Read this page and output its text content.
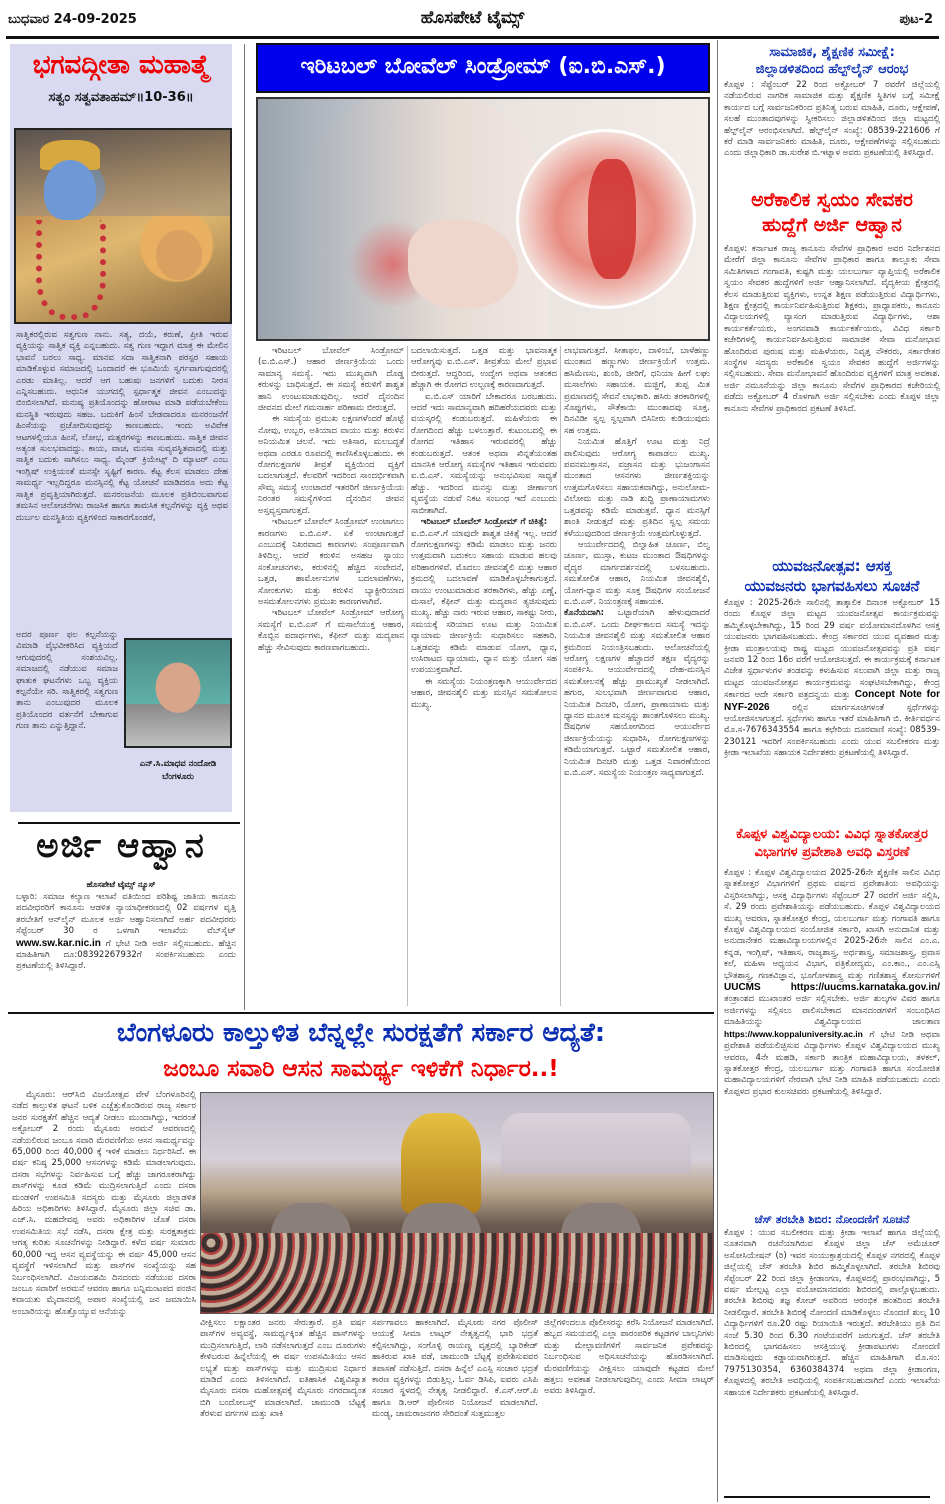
ಬುಧವಾರ 24-09-2025	ಹೊಸಪೇಟೆ ಟೈಮ್ಸ್	ಪುಟ-2
ಭಗವದ್ಗೀತಾ ಮಹಾತ್ಮೆ
ಸತ್ವಂ ಸತ್ವವತಾಹಮ್॥10-36॥
ಸಾತ್ವಿಕರಲ್ಲಿರುವ ಸತ್ವಗುಣ ನಾನು. ಸತ್ಯ, ದಯೆ, ಕರುಣೆ, ಪ್ರೀತಿ ಇರುವ ವ್ಯಕ್ತಿಯನ್ನು ಸಾತ್ವಿಕ ವ್ಯಕ್ತಿ ಎನ್ನಬಹುದು. ಸತ್ವ ಗುಣ ಇದ್ದಾಗ ಮಾತ್ರ ಈ ಮೇಲಿನ ಭಾವನೆ ಬರಲು ಸಾಧ್ಯ. ಮಾನವ ಸದಾ ಸಾತ್ವಿಕನಾಗಿ ಪರಸ್ಪರ ಸಹಾಯ ಮಾಡಿಕೊಳ್ಳುವ ಸಮಾಜದಲ್ಲಿ ಒಂದಾದರೆ ಈ ಭೂಮಿಯೆ ಸ್ವರ್ಗವಾಗುವುದರಲ್ಲಿ ಎರಡು ಮಾತಿಲ್ಲ. ಆದರೆ ಆಗ ಬಹುಷಃ ಜನಗಳಿಗೆ ಬದುಕು ನೀರಸ ಎನ್ನಿಸಬಹುದು. ಆಧುನಿಕ ಯುಗದಲ್ಲಿ ಸ್ಪರ್ಧಾತ್ಮಕ ಜೀವನ ಎಂಬುದನ್ನು ಬಿಂಬಿಸಲಾಗಿದೆ. ಮನುಷ್ಯ ಪ್ರತಿಯೊಂದನ್ನು ಹೋರಾಟ ಮಾಡಿ ಪಡೆಯಬೇಕೆಂಬ ಮನಸ್ಥಿತಿ ಇರುವುದು ಸಹಜ. ಬದುಕಿಗೆ ಹಿಂಸೆ ಬೇಡವಾದರೂ ಮನರಂಜನೆಗೆ ಹಿಂಸೆಯನ್ನು ಪ್ರಚೋದಿಸುವುದನ್ನು ಕಾಣಬಹುದು. ಇಂದು ಅವಿವೇಕ ಆಟಗಳಲ್ಲಿಯೂ ಹಿಂಸೆ, ಲೋಭ, ಮತ್ಸರಗಳನ್ನು ಕಾಣಬಹುದು. ಸಾತ್ವಿಕ ಜೀವನ ಅತ್ಯಂತ ಸುಲಭವಾದದ್ದು. ಕಾಯ, ವಾಚ, ಮನಸಾ ಸುವ್ಯವಸ್ಥಿತವಾದಲ್ಲಿ ಮತ್ತು ಸಾತ್ವಿಕ ಬದುಕು ಸಾಗಿಸಲು ಸಾಧ್ಯ. ಮೈಂಡ್ ಕ್ರಿಯೇಟ್ಸ್ ದಿ ಮ್ಯಾಟರ್ ಎಂಬ ಇಂಗ್ಲಿಷ್ ಉಕ್ತಿಯಂತೆ ಮನಸ್ಸೇ ಸೃಷ್ಟಿಗೆ ಕಾರಣ. ಕೆಟ್ಟ ಕೆಲಸ ಮಾಡಲು ದೇಹ ಸಾಮರ್ಥ್ಯ ಇಲ್ಲದಿದ್ದರೂ ಮನಸ್ಸಿನಲ್ಲಿ ಕೆಟ್ಟ ಯೋಚನೆ ಮಾಡಿದರೂ ಅದು ಕೆಟ್ಟ ಸಾತ್ವಿಕ ಪ್ರವೃತ್ತಿಯಾಗಿರುತ್ತದೆ. ಮನರಂಜನೆಯ ಮೂಲಕ ಪ್ರತಿಬಿಂಬವಾಗುವ ತಮಸಿನ ಆಲೋಚನೆಗಳು ರಾಜಸಿಕ ಹಾಗೂ ತಾಮಸಿಕ ಕಲ್ಪನೆಗಳನ್ನು ವ್ಯಕ್ತಿ ಅಥವ ದುರ್ಬಲ ಮನಸ್ಥಿತಿಯ ವ್ಯಕ್ತಿಗಳಿಂದ ಸಾಕಾರಗೊಂಡರೆ,
ಅದರ ಪೂರ್ಣ ಫಲ ಕಲ್ಪನೆಯನ್ನು ವಿಮಾಡಿ ವೈಭವೀಕರಿಸಿದ ವ್ಯಕ್ತಿಯದೆ ಆಗುವುದರಲ್ಲಿ ಸಂಶಯವಿಲ್ಲ. ಸಮಾಜದಲ್ಲಿ ನಡೆಯುವ ಸಮಾಜ ಘಾತುಕ ಘಟನೆಗಳು ಒಬ್ಬ ವ್ಯಕ್ತಿಯ ಕಲ್ಪನೆಯೇ ಸರಿ. ಸಾತ್ವಿಕರಲ್ಲಿ ಸತ್ವಗುಣ ತಾನು ಎಂಬುವುದರ ಮೂಲಕ ಪ್ರತಿಯೊಂದರ ವರ್ತನೆಗೆ ಬೇಕಾಗುವ ಗುಣ ತಾನು ಎನ್ನುತ್ತಿದ್ದಾನೆ.
ಎನ್.ಸಿ.ಮಾಧವ ನಂದೋಡಿ
ಬೆಂಗಳೂರು
ಅರ್ಜಿ ಆಹ್ವಾನ
ಹೊಸಪೇಟೆ ಟೈಮ್ಸ್ ನ್ಯೂಸ್
ಬಳ್ಳಾರಿ: ಸಮಾಜ ಕಲ್ಯಾಣ ಇಲಾಖೆ ವತಿಯಿಂದ ಪರಿಶಿಷ್ಟ ಜಾತಿಯ ಕಾನೂನು ಪದವೀಧರರಿಗೆ ಕಾನೂನು ಆಡಳಿತ ನ್ಯಾಯಾಧೀಕರಣದಲ್ಲಿ 02 ವರ್ಷಗಳ ವೃತ್ತಿ ತರಬೇತಿಗೆ ಆನ್‌ಲೈನ್ ಮೂಲಕ ಅರ್ಜಿ ಆಹ್ವಾನಿಸಲಾಗಿದೆ ಅರ್ಹ ಪದವೀಧರರು ಸೆಪ್ಟೆಂಬರ್ 30 ರ ಒಳಗಾಗಿ ಇಲಾಖೆಯ ವೆಬ್‌ಸೈಟ್ www.sw.kar.nic.in ಗೆ ಭೇಟಿ ನೀಡಿ ಅರ್ಜಿ ಸಲ್ಲಿಸಬಹುದು. ಹೆಚ್ಚಿನ ಮಾಹಿತಿಗಾಗಿ ದೂ:08392267932ಗೆ ಸಂಪರ್ಕಿಸಬಹುದು ಎಂದು ಪ್ರಕಟಣೆಯಲ್ಲಿ ತಿಳಿಸಿದ್ದಾರೆ.
ಇರಿಟಬಲ್ ಬೋವೆಲ್ ಸಿಂಡ್ರೋಮ್ (ಐ.ಬಿ.ಎಸ್.)

ಇರಿಟಬಲ್ ಬೋವೆಲ್ ಸಿಂಡ್ರೋಮ್ (ಐ.ಬಿ.ಎಸ್.) ಆಹಾರ ಜೀರ್ಣಕ್ರಿಯೆಯ ಒಂದು ಸಾಮಾನ್ಯ ಸಮಸ್ಯೆ. ಇದು ಮುಖ್ಯವಾಗಿ ದೊಡ್ಡ ಕರುಳನ್ನು ಬಾಧಿಸುತ್ತದೆ. ಈ ಸಮಸ್ಯೆ ಕರುಳಿಗೆ ಶಾಶ್ವತ ಹಾನಿ ಉಂಟುಮಾಡುವುದಿಲ್ಲ. ಆದರೆ ದೈನಂದಿನ ಜೀವನದ ಮೇಲೆ ಗಮನಾರ್ಹ ಪರಿಣಾಮ ಬೀರುತ್ತದೆ.

ಈ ಸಮಸ್ಯೆಯ ಪ್ರಮುಖ ಲಕ್ಷಣಗಳೆಂದರೆ ಹೊಟ್ಟೆ ನೋವು, ಉಬ್ಬರ, ಅತಿಯಾದ ವಾಯು ಮತ್ತು ಕರುಳಿನ ಅನಿಯಮಿತ ಚಲನೆ. ಇದು ಅತಿಸಾರ, ಮಲಬದ್ಧತೆ ಅಥವಾ ಎರಡೂ ರೂಪದಲ್ಲಿ ಕಾಣಿಸಿಕೊಳ್ಳಬಹುದು. ಈ ರೋಗಲಕ್ಷಣಗಳ ತೀವ್ರತೆ ವ್ಯಕ್ತಿಯಿಂದ ವ್ಯಕ್ತಿಗೆ ಬದಲಾಗುತ್ತದೆ. ಕೆಲವರಿಗೆ ಇದರಿಂದ ಸಾಂದರ್ಭಿಕವಾಗಿ ಸೌಮ್ಯ ಸಮಸ್ಯೆ ಉಂಟಾದರೆ ಇತರರಿಗೆ ಜೀರ್ಣಕ್ರಿಯೆಯ ನಿರಂತರ ಸಮಸ್ಯೆಗಳಿಂದ ದೈನಂದಿನ ಜೀವನ ಅಸ್ತವ್ಯಸ್ತವಾಗುತ್ತದೆ.

ಇರಿಟಬಲ್ ಬೋವೆಲ್ ಸಿಂಡ್ರೋಮ್ ಉಂಟಾಗಲು ಕಾರಣಗಳು ಐ.ಬಿ.ಎಸ್. ಏಕೆ ಉಂಟಾಗುತ್ತದೆ ಎಂಬುದಕ್ಕೆ ನಿಖರವಾದ ಕಾರಣಗಳು ಸಂಪೂರ್ಣವಾಗಿ ತಿಳಿದಿಲ್ಲ. ಆದರೆ ಕರುಳಿನ ಅಸಹಜ ಸ್ನಾಯು ಸಂಕೋಚನಗಳು, ಕರುಳಿನಲ್ಲಿ ಹೆಚ್ಚಿದ ಸಂವೇದನೆ, ಒತ್ತಡ, ಹಾರ್ಮೋನುಗಳ ಬದಲಾವಣೆಗಳು, ಸೋಂಕುಗಳು ಮತ್ತು ಕರುಳಿನ ಬ್ಯಾಕ್ಟೀರಿಯಾದ ಅಸಮತೋಲನಗಳು ಪ್ರಮುಖ ಕಾರಣಗಳಾಗಿವೆ.

ಇರಿಟಬಲ್ ಬೋವೆಲ್ ಸಿಂಡ್ರೋಮ್ ಆರೋಗ್ಯ ಸಮಸ್ಯೆಗೆ ಐ.ಬಿ.ಎಸ್ ಗೆ ಮಸಾಲೆಯುಕ್ತ ಆಹಾರ, ಕೊಬ್ಬಿನ ಪದಾರ್ಥಗಳು, ಕೆಫೀನ್ ಮತ್ತು ಮದ್ಯಪಾನ ಹೆಚ್ಚು ಸೇವಿಸುವುದು ಕಾರಣವಾಗಬಹುದು.

ಬದಲಾಯಿಸುತ್ತದೆ. ಒತ್ತಡ ಮತ್ತು ಭಾವನಾತ್ಮಕ ಆರೋಗ್ಯವು ಐ.ಬಿ.ಎಸ್. ತೀವ್ರತೆಯ ಮೇಲೆ ಪ್ರಭಾವ ಬೀರುತ್ತದೆ. ಆದ್ದರಿಂದ, ಉದ್ವೇಗ ಅಥವಾ ಆತಂಕದ ಹೆಚ್ಚಾಗಿ ಈ ರೋಗದ ಉಲ್ಬಣಕ್ಕೆ ಕಾರಣವಾಗುತ್ತದೆ.

ಐ.ಬಿ.ಎಸ್ ಯಾರಿಗೆ ಬೇಕಾದರೂ ಬರಬಹುದು. ಆದರೆ ಇದು ಸಾಮಾನ್ಯವಾಗಿ ಹದಿಹರೆಯದವರು ಮತ್ತು ವಯಸ್ಕರಲ್ಲಿ ಕಂಡುಬರುತ್ತದೆ. ಮಹಿಳೆಯರು ಈ ರೋಗದಿಂದ ಹೆಚ್ಚು ಬಳಲುತ್ತಾರೆ. ಕುಟುಂಬದಲ್ಲಿ ಈ ರೋಗದ ಇತಿಹಾಸ ಇರುವವರಲ್ಲಿ ಹೆಚ್ಚು ಕಂಡುಬರುತ್ತದೆ. ಆತಂಕ ಅಥವಾ ಖಿನ್ನತೆಯಂತಹ ಮಾನಸಿಕ ಆರೋಗ್ಯ ಸಮಸ್ಯೆಗಳ ಇತಿಹಾಸ ಇರುವವರು ಐ.ಬಿ.ಎಸ್. ಸಮಸ್ಯೆಯನ್ನು ಅನುಭವಿಸುವ ಸಾಧ್ಯತೆ ಹೆಚ್ಚು. ಇದರಿಂದ ಮನಸ್ಸು ಮತ್ತು ಜೀರ್ಣಾಂಗ ವ್ಯವಸ್ಥೆಯ ನಡುವೆ ನಿಕಟ ಸಂಬಂಧ ಇದೆ ಎಂಬುದು ಸಾಬೀತಾಗಿದೆ.

ಇರಿಟಬಲ್ ಬೋವೆಲ್ ಸಿಂಡ್ರೋಮ್ ಗೆ ಚಿಕಿತ್ಸೆ:

ಐ.ಬಿ.ಎಸ್.ಗೆ ಯಾವುದೇ ಶಾಶ್ವತ ಚಿಕಿತ್ಸೆ ಇಲ್ಲ. ಆದರೆ ರೋಗಲಕ್ಷಣಗಳನ್ನು ಕಡಿಮೆ ಮಾಡಲು ಮತ್ತು ಜನರು ಉತ್ತಮವಾಗಿ ಬದುಕಲು ಸಹಾಯ ಮಾಡುವ ಹಲವು ಪರಿಹಾರಗಳಿವೆ. ಮೊದಲು ಜೀವನಶೈಲಿ ಮತ್ತು ಆಹಾರ ಕ್ರಮದಲ್ಲಿ ಬದಲಾವಣೆ ಮಾಡಿಕೊಳ್ಳಬೇಕಾಗುತ್ತದೆ. ವಾಯು ಉಂಟುಮಾಡುವ ತರಕಾರಿಗಳು, ಹೆಚ್ಚು ಎಣ್ಣೆ, ಮಸಾಲೆ, ಕೆಫೀನ್ ಮತ್ತು ಮದ್ಯಪಾನ ತ್ಯಜಿಸುವುದು ಮುಖ್ಯ. ಹೆಚ್ಚು ನಾರು ಇರುವ ಆಹಾರ, ಸಾಕಷ್ಟು ನೀರು, ಸಮಯಕ್ಕೆ ಸರಿಯಾದ ಊಟ ಮತ್ತು ನಿಯಮಿತ ವ್ಯಾಯಾಮ ಜೀರ್ಣಕ್ರಿಯೆ ಸುಧಾರಿಸಲು ಸಹಕಾರಿ. ಒತ್ತಡವನ್ನು ಕಡಿಮೆ ಮಾಡುವ ಯೋಗ, ಧ್ಯಾನ, ಉಸಿರಾಟದ ವ್ಯಾಯಾಮ, ಧ್ಯಾನ ಮತ್ತು ಯೋಗ ಸಹ ಉಪಯುಕ್ತವಾಗಿದೆ.

ಈ ಸಮಸ್ಯೆಯ ನಿಯಂತ್ರಣಕ್ಕಾಗಿ ಆಯುರ್ವೇದದ ಆಹಾರ, ಜೀವನಶೈಲಿ ಮತ್ತು ಮನಸ್ಸಿನ ಸಮತೋಲನ ಮುಖ್ಯ.

ಲಾಭವಾಗುತ್ತದೆ. ಸೀತಾಫಲ, ದಾಳಿಂಬೆ, ಬಾಳೆಹಣ್ಣು ಮುಂತಾದ ಹಣ್ಣುಗಳು ಜೀರ್ಣಕ್ರಿಯೆಗೆ ಉತ್ತಮ. ಹಸಿಮೆಣಸು, ಶುಂಠಿ, ಜೀರಿಗೆ, ಧನಿಯಾ ಹೀಗೆ ಲಘು ಮಸಾಲೆಗಳು ಸಹಾಯಕ. ಮಜ್ಜಿಗೆ, ತುಪ್ಪ ಮಿತ ಪ್ರಮಾಣದಲ್ಲಿ ಸೇವನೆ ಲಾಭಕಾರಿ. ಹಸಿರು ತರಕಾರಿಗಳಲ್ಲಿ ಸೊಪ್ಪುಗಳು, ಸೌತೆಕಾಯಿ ಮುಂತಾದವು ಸೂಕ್ತ. ದಿನವಿಡೀ ಸ್ವಲ್ಪ ಸ್ವಲ್ಪವಾಗಿ ಬಿಸಿನೀರು ಕುಡಿಯುವುದು ಸಹ ಉತ್ತಮ.

ನಿಯಮಿತ ಹೊತ್ತಿಗೆ ಊಟ ಮತ್ತು ನಿದ್ರೆ ಪಾಲಿಸುವುದು ಆರೋಗ್ಯ ಕಾಪಾಡಲು ಮುಖ್ಯ. ಪವನಮುಕ್ತಾಸನ, ವಜ್ರಾಸನ ಮತ್ತು ಭುಜಂಗಾಸನ ಮುಂತಾದ ಆಸನಗಳು ಜೀರ್ಣಶಕ್ತಿಯನ್ನು ಉತ್ತಮಗೊಳಿಸಲು ಸಹಾಯಕವಾಗಿದ್ದು, ಅನುಲೋಮ-ವಿಲೋಮ ಮತ್ತು ನಾಡಿ ಶುದ್ಧಿ ಪ್ರಾಣಾಯಾಮಗಳು ಒತ್ತಡವನ್ನು ಕಡಿಮೆ ಮಾಡುತ್ತವೆ. ಧ್ಯಾನ ಮನಸ್ಸಿಗೆ ಶಾಂತಿ ನೀಡುತ್ತದೆ ಮತ್ತು ಪ್ರತಿದಿನ ಸ್ವಲ್ಪ ಸಮಯ ಕಳೆಯುವುದರಿಂದ ಜೀರ್ಣಕ್ರಿಯೆ ಉತ್ತಮಗೊಳ್ಳುತ್ತದೆ.

ಆಯುರ್ವೇದದಲ್ಲಿ ಬಿಲ್ವಾಹಿತ ಚೂರ್ಣ, ಬಿಲ್ವ ಚೂರ್ಣ, ಮುಸ್ತಾ, ಕುಟಜ ಮುಂತಾದ ಔಷಧಿಗಳನ್ನು ವೈದ್ಯರ ಮಾರ್ಗದರ್ಶನದಲ್ಲಿ ಬಳಸಬಹುದು. ಸಮತೋಲಿತ ಆಹಾರ, ನಿಯಮಿತ ಜೀವನಶೈಲಿ, ಯೋಗ-ಧ್ಯಾನ ಮತ್ತು ಸೂಕ್ತ ಔಷಧಿಗಳ ಸಂಯೋಜನೆ ಐ.ಬಿ.ಎಸ್. ನಿಯಂತ್ರಣಕ್ಕೆ ಸಹಾಯಕ.

ಕೊನೆಯದಾಗಿ: ಒಟ್ಟಾರೆಯಾಗಿ ಹೇಳುವುದಾದರೆ ಐ.ಬಿ.ಎಸ್. ಒಂದು ದೀರ್ಘಕಾಲದ ಸಮಸ್ಯೆ ಇದನ್ನು ನಿಯಮಿತ ಜೀವನಶೈಲಿ ಮತ್ತು ಸಮತೋಲಿತ ಆಹಾರ ಕ್ರಮದಿಂದ ನಿಯಂತ್ರಿಸಬಹುದು. ಆಲೋಚನೆಯಲ್ಲಿ ಆರೋಗ್ಯ ಲಕ್ಷಣಗಳ ಹೆಚ್ಚಾದರೆ ತಕ್ಷಣ ವೈದ್ಯರನ್ನು ಸಂಪರ್ಕಿಸಿ. ಆಯುರ್ವೇದದಲ್ಲಿ ದೇಹ-ಮನಸ್ಸಿನ ಸಮತೋಲನಕ್ಕೆ ಹೆಚ್ಚು ಪ್ರಾಮುಖ್ಯತೆ ನೀಡಲಾಗಿದೆ. ಹಗುರ, ಸುಲಭವಾಗಿ ಜೀರ್ಣವಾಗುವ ಆಹಾರ, ನಿಯಮಿತ ದಿನಚರಿ, ಯೋಗ, ಪ್ರಾಣಾಯಾಮ ಮತ್ತು ಧ್ಯಾನದ ಮೂಲಕ ಮನಸ್ಸನ್ನು ಶಾಂತಗೊಳಿಸಲು ಮುಖ್ಯ. ಔಷಧಿಗಳ ಸಹಯೋಗದಿಂದ ಆಯುರ್ವೇದ ಜೀರ್ಣಕ್ರಿಯೆಯನ್ನು ಸುಧಾರಿಸಿ, ರೋಗಲಕ್ಷಣಗಳನ್ನು ಕಡಿಮೆಯಾಗುತ್ತವೆ. ಒಟ್ಟಾರೆ ಸಮತೋಲಿತ ಆಹಾರ, ನಿಯಮಿತ ದಿನಚರಿ ಮತ್ತು ಒತ್ತಡ ನಿವಾರಣೆಯಿಂದ ಐ.ಬಿ.ಎಸ್. ಸಮಸ್ಯೆಯ ನಿಯಂತ್ರಣ ಸಾಧ್ಯವಾಗುತ್ತದೆ.

ಸಾಮಾಜಿಕ, ಶೈಕ್ಷಣಿಕ ಸಮೀಕ್ಷೆ:
ಜಿಲ್ಲಾಡಳಿತದಿಂದ ಹೆಲ್ಪ್‌ಲೈನ್ ಆರಂಭ
ಕೊಪ್ಪಳ : ಸೆಪ್ಟೆಂಬರ್ 22 ರಿಂದ ಅಕ್ಟೋಬರ್ 7 ರವರೆಗೆ ಜಿಲ್ಲೆಯಲ್ಲಿ ನಡೆಯಲಿರುವ ನಾಗರಿಕ ಸಾಮಾಜಿಕ ಮತ್ತು ಶೈಕ್ಷಣಿಕ ಸ್ಥಿತಿಗಳ ಬಗ್ಗೆ ಸಮೀಕ್ಷೆ ಕಾರ್ಯದ ಬಗ್ಗೆ ಸಾರ್ವಜನಿಕರಿಂದ ಪ್ರತಿನಿತ್ಯ ಬರುವ ಮಾಹಿತಿ, ದೂರು, ಆಕ್ಷೇಪಣೆ, ಸಲಹೆ ಮುಂತಾದವುಗಳನ್ನು ಸ್ವೀಕರಿಸಲು ಜಿಲ್ಲಾಡಳಿತದಿಂದ ಜಿಲ್ಲಾ ಮಟ್ಟದಲ್ಲಿ ಹೆಲ್ಪ್‌ಲೈನ್ ಆರಂಭಿಸಲಾಗಿದೆ. ಹೆಲ್ಪ್‌ಲೈನ್ ಸಂಖ್ಯೆ: 08539-221606 ಗೆ ಕರೆ ಮಾಡಿ ಸಾರ್ವಜನಿಕರು ಮಾಹಿತಿ, ದೂರು, ಆಕ್ಷೇಪಣೆಗಳನ್ನು ಸಲ್ಲಿಸಬಹುದು ಎಂದು ಜಿಲ್ಲಾಧಿಕಾರಿ ಡಾ.ಸುರೇಶ ಬಿ.ಇಟ್ನಾಳ ಅವರು ಪ್ರಕಟಣೆಯಲ್ಲಿ ತಿಳಿಸಿದ್ದಾರೆ.
ಅರೆಕಾಲಿಕ ಸ್ವಯಂ ಸೇವಕರ
ಹುದ್ದೆಗೆ ಅರ್ಜಿ ಆಹ್ವಾನ
ಕೊಪ್ಪಳ: ಕರ್ನಾಟಕ ರಾಜ್ಯ ಕಾನೂನು ಸೇವೆಗಳ ಪ್ರಾಧಿಕಾರ ಅವರ ನಿರ್ದೇಶನದ ಮೇರೆಗೆ ಜಿಲ್ಲಾ ಕಾನೂನು ಸೇವೆಗಳ ಪ್ರಾಧಿಕಾರ ಹಾಗೂ ತಾಲ್ಲೂಕು ಸೇವಾ ಸಮಿತಿಗಳಾದ ಗಂಗಾವತಿ, ಕುಷ್ಟಗಿ ಮತ್ತು ಯಲಬುರ್ಗಾ ವ್ಯಾಪ್ತಿಯಲ್ಲಿ ಅರೆಕಾಲಿಕ ಸ್ವಯಂ ಸೇವಕರ ಹುದ್ದೆಗಳಿಗೆ ಅರ್ಜಿ ಆಹ್ವಾನಿಸಲಾಗಿದೆ. ವೈದ್ಯಕೀಯ ಕ್ಷೇತ್ರದಲ್ಲಿ ಕೆಲಸ ಮಾಡುತ್ತಿರುವ ವ್ಯಕ್ತಿಗಳು, ಉನ್ನತ ಶಿಕ್ಷಣ ಪಡೆಯುತ್ತಿರುವ ವಿದ್ಯಾರ್ಥಿಗಳು, ಶಿಕ್ಷಣ ಕ್ಷೇತ್ರದಲ್ಲಿ ಕಾರ್ಯನಿರ್ವಹಿಸುತ್ತಿರುವ ಶಿಕ್ಷಕರು, ಪ್ರಾಧ್ಯಾಪಕರು, ಕಾನೂನು ವಿದ್ಯಾಲಯಗಳಲ್ಲಿ ವ್ಯಾಸಂಗ ಮಾಡುತ್ತಿರುವ ವಿದ್ಯಾರ್ಥಿಗಳು, ಆಶಾ ಕಾರ್ಯಕರ್ತೆಯರು, ಅಂಗನವಾಡಿ ಕಾರ್ಯಕರ್ತೆಯರು, ವಿವಿಧ ಸರ್ಕಾರಿ ಕಚೇರಿಗಳಲ್ಲಿ ಕಾರ್ಯನಿರ್ವಹಿಸುತ್ತಿರುವ ಸಾಮಾಜಿಕ ಸೇವಾ ಮನೋಭಾವ ಹೊಂದಿರುವ ಪುರುಷ ಮತ್ತು ಮಹಿಳೆಯರು, ನಿವೃತ್ತ ನೌಕರರು, ಸರ್ಕಾರೇತರ ಸಂಸ್ಥೆಗಳ ಸದಸ್ಯರು ಅರೆಕಾಲಿಕ ಸ್ವಯಂ ಸೇವಕರ ಹುದ್ದೆಗೆ ಅರ್ಜಿಗಳನ್ನು ಸಲ್ಲಿಸಬಹುದು. ಸೇವಾ ಮನೋಭಾವನೆ ಹೊಂದಿರುವ ವ್ಯಕ್ತಿಗಳಿಗೆ ಮಾತ್ರ ಅವಕಾಶ. ಅರ್ಜಿ ನಮೂನೆಯನ್ನು ಜಿಲ್ಲಾ ಕಾನೂನು ಸೇವೆಗಳ ಪ್ರಾಧಿಕಾರದ ಕಚೇರಿಯಲ್ಲಿ ಪಡೆದು ಅಕ್ಟೋಬರ್ 4 ರೊಳಗಾಗಿ ಅರ್ಜಿ ಸಲ್ಲಿಸಬೇಕು ಎಂದು ಕೊಪ್ಪಳ ಜಿಲ್ಲಾ ಕಾನೂನು ಸೇವೆಗಳ ಪ್ರಾಧಿಕಾರದ ಪ್ರಕಟಣೆ ತಿಳಿಸಿದೆ.
ಯುವಜನೋತ್ಸವ: ಆಸಕ್ತ
ಯುವಜನರು ಭಾಗವಹಿಸಲು ಸೂಚನೆ
ಕೊಪ್ಪಳ : 2025-26ನೇ ಸಾಲಿನಲ್ಲಿ ತಾತ್ಕಾಲಿಕ ದಿನಾಂಕ ಅಕ್ಟೋಬರ್ 15 ರಂದು ಕೊಪ್ಪಳ ಜಿಲ್ಲಾ ಮಟ್ಟದ ಯುವಜನೋತ್ಸವ ಕಾರ್ಯಕ್ರಮವನ್ನು ಹಮ್ಮಿಕೊಳ್ಳಬೇಕಾಗಿದ್ದು, 15 ರಿಂದ 29 ವರ್ಷ ವಯೋಮಾನದೊಳಗಿನ ಆಸಕ್ತ ಯುವಜನರು ಭಾಗವಹಿಸಬಹುದು. ಕೇಂದ್ರ ಸರ್ಕಾರದ ಯುವ ವ್ಯವಹಾರ ಮತ್ತು ಕ್ರೀಡಾ ಮಂತ್ರಾಲಯವು ರಾಷ್ಟ್ರ ಮಟ್ಟದ ಯುವಜನೋತ್ಸವವನ್ನು ಪ್ರತಿ ವರ್ಷ ಜನವರಿ 12 ರಿಂದ 16ರ ವರೆಗೆ ಆಯೋಜಿಸುತ್ತದೆ. ಈ ಕಾರ್ಯಕ್ರಮಕ್ಕೆ ಕರ್ನಾಟಕ ವಿಜೇತ ಸ್ಪರ್ಧಾಳುಗಳ ತಂಡವನ್ನು ಕಳುಹಿಸುವ ಸಲುವಾಗಿ ಜಿಲ್ಲಾ ಮತ್ತು ರಾಜ್ಯ ಮಟ್ಟದ ಯುವಜನೋತ್ಸವ ಕಾರ್ಯಕ್ರಮವನ್ನು ಸಂಘಟಿಸಬೇಕಾಗಿದ್ದು, ಕೇಂದ್ರ ಸರ್ಕಾರದ ಆದೇ ಸರ್ಕಾರಿ ಪತ್ರದನ್ವಯ ಮತ್ತು Concept Note for NYF-2026	ರಲ್ಲಿನ ಮಾರ್ಗಸೂಚಿಗಳಂತೆ ಸ್ಪರ್ಧೆಗಳನ್ನು ಆಯೋಜಿಸಲಾಗುತ್ತದೆ. ಸ್ಪರ್ಧೆಗಳು ಹಾಗೂ ಇತರೆ ಮಾಹಿತಿಗಾಗಿ ಬಿ. ಕೀರ್ತಿವರ್ಧನ ಮೊ.ಸ-7676343554 ಹಾಗೂ ಕಛೇರಿಯ ದೂರವಾಣಿ ಸಂಖ್ಯೆ: 08539-230121 ಇವರಿಗೆ ಸಂಪರ್ಕಿಸಬಹುದು ಎಂದು ಯುವ ಸಬಲೀಕರಣ ಮತ್ತು ಕ್ರೀಡಾ ಇಲಾಖೆಯ ಸಹಾಯಕ ನಿರ್ದೇಶಕರು ಪ್ರಕಟಣೆಯಲ್ಲಿ ತಿಳಿಸಿದ್ದಾರೆ.
ಕೊಪ್ಪಳ ವಿಶ್ವವಿದ್ಯಾಲಯ: ವಿವಿಧ ಸ್ನಾತಕೋತ್ತರ
ವಿಭಾಗಗಳ ಪ್ರವೇಶಾತಿ ಅವಧಿ ವಿಸ್ತರಣೆ
ಕೊಪ್ಪಳ : ಕೊಪ್ಪಳ ವಿಶ್ವವಿದ್ಯಾಲಯದ 2025-26ನೇ ಶೈಕ್ಷಣಿಕ ಸಾಲಿನ ವಿವಿಧ ಸ್ನಾತಕೋತ್ತರ ವಿಭಾಗಗಳಿಗೆ ಪ್ರಥಮ ವರ್ಷದ ಪ್ರವೇಶಾತಿಯ ಅವಧಿಯನ್ನು ವಿಸ್ತರಿಸಲಾಗಿದ್ದು, ಆಸಕ್ತ ವಿದ್ಯಾರ್ಥಿಗಳು ಸೆಪ್ಟೆಂಬರ್ 27 ರವರೆಗೆ ಅರ್ಜಿ ಸಲ್ಲಿಸಿ, ಸೆ. 29 ರಂದು ಪ್ರವೇಶಾತಿಯನ್ನು ಪಡೆಯಬಹುದು. ಕೊಪ್ಪಳ ವಿಶ್ವವಿದ್ಯಾಲಯದ ಮುಖ್ಯ ಆವರಣ, ಸ್ನಾತಕೋತ್ತರ ಕೇಂದ್ರ, ಯಲಬುರ್ಗಾ ಮತ್ತು ಗಂಗಾವತಿ ಹಾಗೂ ಕೊಪ್ಪಳ ವಿಶ್ವವಿದ್ಯಾಲಯದ ಸಂಯೋಜಿತ ಸರ್ಕಾರಿ, ಖಾಸಗಿ ಅನುದಾನಿತ ಮತ್ತು ಅನುದಾನೇತರ ಮಹಾವಿದ್ಯಾಲಯಗಳಲ್ಲಿನ 2025-26ನೇ ಸಾಲಿನ ಎಂ.ಎ. ಕನ್ನಡ, ಇಂಗ್ಲಿಷ್, ಇತಿಹಾಸ, ರಾಜ್ಯಶಾಸ್ತ್ರ, ಅರ್ಥಶಾಸ್ತ್ರ, ಸಮಾಜಶಾಸ್ತ್ರ, ಪ್ರವಾಸ ಕಲೆ, ಮಹಿಳಾ ಅಧ್ಯಯನ ವಿಭಾಗ, ಪತ್ರಿಕೋದ್ಯಮ, ಎಂ.ಕಾಂ., ಎಂ.ಎಸ್ಸಿ ಭೌತಶಾಸ್ತ್ರ, ಗಣಕವಿಜ್ಞಾನ, ಭೂಗೋಳಶಾಸ್ತ್ರ ಮತ್ತು ಗಣಿತಶಾಸ್ತ್ರ ಕೋರ್ಸುಗಳಿಗೆ UUCMS https://uucms.karnataka.gov.in/ ತಂತ್ರಾಂಶದ ಮುಖಾಂತರ ಅರ್ಜಿ ಸಲ್ಲಿಸಬೇಕು. ಅರ್ಜಿ ಶುಲ್ಕಗಳ ವಿವರ ಹಾಗೂ ಅರ್ಜಿಗಳನ್ನು ಸಲ್ಲಿಸಲು ಪಾಲಿಸಬೇಕಾದ ಮಾನದಂಡಗಳಿಗೆ ಸಂಬಂಧಿಸಿದ ಮಾಹಿತಿಯನ್ನು ವಿಶ್ವವಿದ್ಯಾಲಯದ ಜಾಲತಾಣ https://www.koppaluniversity.ac.in ಗೆ ಭೇಟಿ ನೀಡಿ ಅಥವಾ ಪ್ರವೇಶಾತಿ ಪಡೆಯಲಿಚ್ಛಿಸುವ ವಿದ್ಯಾರ್ಥಿಗಳು ಕೊಪ್ಪಳ ವಿಶ್ವವಿದ್ಯಾಲಯದ ಮುಖ್ಯ ಆವರಣ, 4ನೇ ಮಹಡಿ, ಸರ್ಕಾರಿ ತಾಂತ್ರಿಕ ಮಹಾವಿದ್ಯಾಲಯ, ತಳಕಲ್, ಸ್ನಾತಕೋತ್ತರ ಕೇಂದ್ರ, ಯಲಬುರ್ಗಾ ಮತ್ತು ಗಂಗಾವತಿ ಹಾಗೂ ಸಂಯೋಜಿತ ಮಹಾವಿದ್ಯಾಲಯಗಳಿಗೆ ನೇರವಾಗಿ ಭೇಟಿ ನೀಡಿ ಮಾಹಿತಿ ಪಡೆಯಬಹುದು ಎಂದು ಕೊಪ್ಪಳದ ಪ್ರಭಾರ ಕುಲಸಚಿವರು ಪ್ರಕಟಣೆಯಲ್ಲಿ ತಿಳಿಸಿದ್ದಾರೆ.
ಚೆಸ್ ತರಬೇತಿ ಶಿಬಿರ: ನೋಂದಣಿಗೆ ಸೂಚನೆ
ಕೊಪ್ಪಳ : ಯುವ ಸಬಲೀಕರಣ ಮತ್ತು ಕ್ರೀಡಾ ಇಲಾಖೆ ಹಾಗೂ ಜಿಲ್ಲೆಯಲ್ಲಿ ನೂತನವಾಗಿ ರಚನೆಯಾಗಿರುವ ಕೊಪ್ಪಳ ಜಿಲ್ಲಾ ಚೆಸ್ ಅಮೆಚೂರ್ ಅಸೋಸಿಯೇಷನ್ (ರಿ) ಇವರ ಸಂಯುಕ್ತಾಶ್ರಯದಲ್ಲಿ ಕೊಪ್ಪಳ ನಗರದಲ್ಲಿ ಕೊಪ್ಪಳ ಜಿಲ್ಲೆಯಲ್ಲಿ ಚೆಸ್ ತರಬೇತಿ ಶಿಬಿರ ಹಮ್ಮಿಕೊಳ್ಳಲಾಗಿದೆ. ತರಬೇತಿ ಶಿಬಿರವು ಸೆಪ್ಟೆಂಬರ್ 22 ರಿಂದ ಜಿಲ್ಲಾ ಕ್ರೀಡಾಂಗಣ, ಕೊಪ್ಪಳದಲ್ಲಿ ಪ್ರಾರಂಭವಾಗಿದ್ದು, 5 ವರ್ಷ ಮೇಲ್ಪಟ್ಟ ಎಲ್ಲಾ ವಯೋಮಾನದವರು ಶಿಬಿರದಲ್ಲಿ ಪಾಲ್ಗೊಳ್ಳಬಹುದು. ತರಬೇತಿ ಶಿಬಿರವು ತಜ್ಞ ಕೋಚ್ ಅವರಿಂದ ಆರಂಭಿಕ ಹಂತದಿಂದ ತರಬೇತಿ ನೀಡಲಿದ್ದಾರೆ. ತರಬೇತಿ ಶಿಬಿರಕ್ಕೆ ನೋಂದಣಿ ಮಾಡಿಕೊಳ್ಳಲು ನೊಂದಣಿ ಶುಲ್ಕ 10 ವಿದ್ಯಾರ್ಥಿಗಳಿಗೆ ರೂ.20 ರಷ್ಟು ರಿಯಾಯಿತಿ ಇರುತ್ತದೆ. ತರಬೇತಿಯು ಪ್ರತಿ ದಿನ ಸಂಜೆ 5.30 ರಿಂದ 6.30 ಗಂಟೆಯವರೆಗೆ ಜರುಗುತ್ತದೆ. ಚೆಸ್ ತರಬೇತಿ ಶಿಬಿರದಲ್ಲಿ ಭಾಗವಹಿಸಲು ಆಸಕ್ತಿಯುಳ್ಳ ಕ್ರೀಡಾಪಟುಗಳು ನೋಂದಣಿ ಮಾಡಿಸುವುದು ಕಡ್ಡಾಯವಾಗಿರುತ್ತದೆ. ಹೆಚ್ಚಿನ ಮಾಹಿತಿಗಾಗಿ ಮೊ.ಸಂ: 7975130354, 6360384374 ಅಥವಾ ಜಿಲ್ಲಾ ಕ್ರೀಡಾಂಗಣ, ಕೊಪ್ಪಳದಲ್ಲಿ ತರಬೇತಿ ಅವಧಿಯಲ್ಲಿ ಸಂಪರ್ಕಿಸಬಹುದಾಗಿದೆ ಎಂದು ಇಲಾಖೆಯ ಸಹಾಯಕ ನಿರ್ದೇಶಕರು ಪ್ರಕಟಣೆಯಲ್ಲಿ ತಿಳಿಸಿದ್ದಾರೆ.
ಬೆಂಗಳೂರು ಕಾಲ್ತುಳಿತ ಬೆನ್ನಲ್ಲೇ ಸುರಕ್ಷತೆಗೆ ಸರ್ಕಾರ ಆದ್ಯತೆ:
ಜಂಬೂ ಸವಾರಿ ಆಸನ ಸಾಮರ್ಥ್ಯ ಇಳಿಕೆಗೆ ನಿರ್ಧಾರ..!
ಮೈಸೂರು: ಆರ್‌ಸಿಬಿ ವಿಜಯೋತ್ಸವ ವೇಳೆ ಬೆಂಗಳೂರಿನಲ್ಲಿ ನಡೆದ ಕಾಲ್ತುಳಿತ ಘಟನೆ ಬಳಿಕ ಎಚ್ಚೆತ್ತುಕೊಂಡಿರುವ ರಾಜ್ಯ ಸರ್ಕಾರ ಜನರ ಸುರಕ್ಷತೆಗೆ ಹೆಚ್ಚಿನ ಆದ್ಯತೆ ನೀಡಲು ಮುಂದಾಗಿದ್ದು, ಇದರಂತೆ ಅಕ್ಟೋಬರ್ 2 ರಂದು ಮೈಸೂರು ಅರಮನೆ ಆವರಣದಲ್ಲಿ ನಡೆಯಲಿರುವ ಜಂಬೂ ಸವಾರಿ ಮೆರವಣಿಗೆಯ ಆಸನ ಸಾಮರ್ಥ್ಯವನ್ನು 65,000 ರಿಂದ 40,000 ಕ್ಕೆ ಇಳಿಕೆ ಮಾಡಲು ನಿರ್ಧರಿಸಿದೆ. ಈ ವರ್ಷ ಕನಿಷ್ಠ 25,000 ಆಸನಗಳನ್ನು ಕಡಿಮೆ ಮಾಡಲಾಗುವುದು. ದಸರಾ ಸಭೆಗಳನ್ನು ನಿರ್ವಹಿಸುವ ಬಗ್ಗೆ ಹೆಚ್ಚು ಜಾಗರೂಕರಾಗಿದ್ದು ಪಾಸ್‌ಗಳನ್ನು ಕೂಡ ಕಡಿಮೆ ಮುದ್ರಿಸಲಾಗುತ್ತಿದೆ ಎಂದು ದಸರಾ ಮಂಡಳಿಗೆ ಉಪಸಮಿತಿ ಸದಸ್ಯರು ಮತ್ತು ಮೈಸೂರು ಜಿಲ್ಲಾಡಳಿತ ಹಿರಿಯ ಅಧಿಕಾರಿಗಳು ತಿಳಿಸಿದ್ದಾರೆ. ಮೈಸೂರು ಜಿಲ್ಲಾ ಸಚಿವ ಡಾ. ಎಚ್.ಸಿ. ಮಹದೇವಪ್ಪ ಅವರು ಅಧಿಕಾರಿಗಳ ಜೊತೆ ದಸರಾ ಉಪಸಮಿತಿಯ ಸಭೆ ನಡೆಸಿ, ದಸರಾ ಕ್ಷೇತ್ರ ಮತ್ತು ಸುರಕ್ಷತಾಕ್ರಮ ಆಗತ್ಯ ಕುರಿತು ಸೂಚನೆಗಳನ್ನು ನೀಡಿದ್ದಾರೆ. ಕಳೆದ ವರ್ಷ ಸುಮಾರು 60,000 ಇದ್ದ ಆಸನ ವ್ಯವಸ್ಥೆಯನ್ನು ಈ ವರ್ಷ 45,000 ಆಸನ ವ್ಯವಸ್ಥೆಗೆ ಇಳಿಸಲಾಗಿದೆ ಮತ್ತು ಪಾಸ್‌ಗಳ ಸಂಖ್ಯೆಯನ್ನು ಸಹ ನಿರ್ಬಂಧಿಸಲಾಗಿದೆ. ವಿಜಯದಶಮಿ ದಿನದಂದು ನಡೆಯುವ ದಸರಾ ಜಂಬೂ ಸವಾರಿಗೆ ಅರಮನೆ ಆವರಣ ಹಾಗೂ ಬನ್ನಿಮಂಟಪದ ಪಂಜಿನ ಕವಾಯತು ಮೈದಾನದಲ್ಲಿ ಅಪಾರ ಸಂಖ್ಯೆಯಲ್ಲಿ ಜನ ಜಮಾಯಿಸಿ ಅಂಬಾರಿಯನ್ನು ಹೊತ್ತೊಯ್ಯುವ ಆನೆಯನ್ನು
ವೀಕ್ಷಿಸಲು ಲಕ್ಷಾಂತರ ಜನರು ಸೇರುತ್ತಾರೆ. ಪ್ರತಿ ವರ್ಷ ಪಾಸ್‌ಗಳ ಅವ್ಯವಸ್ಥೆ, ಸಾಮರ್ಥ್ಯಕ್ಕಿಂತ ಹೆಚ್ಚಿನ ಪಾಸ್‌ಗಳನ್ನು ಮುದ್ರಿಸಲಾಗುತ್ತಿದೆ, ಲಾಠಿ ನಡೆಸಲಾಗುತ್ತದೆ ಎಂಬ ದೂರುಗಳು ಕೇಳಿಬರುವ ಹಿನ್ನೆಲೆಯಲ್ಲಿ ಈ ವರ್ಷ ಉಪಸಮಿತಿಯು ಆಸನ ಲಭ್ಯತೆ ಮತ್ತು ಪಾಸ್‌ಗಳನ್ನು ಮತ್ತು ಮುದ್ರಿಸುವ ನಿರ್ಧಾರ ಮಾಡಿದೆ ಎಂದು ತಿಳಿಸಲಾಗಿದೆ. ಐತಿಹಾಸಿಕ ವಿಶ್ವವಿಖ್ಯಾತ ಮೈಸೂರು ದಸರಾ ಮಹೋತ್ಸವಕ್ಕೆ ಮೈಸೂರು ನಗರದಾದ್ಯಂತ ಬಿಗಿ ಬಂದೋಬಸ್ತ್ ಮಾಡಲಾಗಿದೆ. ಚಾಮುಂಡಿ ಬೆಟ್ಟಕ್ಕೆ ತೆರಳುವ ವರ್ಗಗಳ ಮತ್ತು ಖಾಕಿ
ಸರ್ಪಗಾವಲು ಹಾಕಲಾಗಿದೆ. ಮೈಸೂರು ನಗರ ಪೊಲೀಸ್ ಆಯುಕ್ತೆ ಸೀಮಾ ಲಾಟ್ಕರ್ ನೇತೃತ್ವದಲ್ಲಿ ಭಾರಿ ಭದ್ರತೆ ಕಲ್ಪಿಸಲಾಗಿದ್ದು, ಸಂಗೊಳ್ಳಿ ರಾಯಣ್ಣ ವೃತ್ತದಲ್ಲಿ ಬ್ಯಾರಿಕೇಡ್ ಹಾಕಿರುವ ಖಾಕಿ ಪಡೆ, ಚಾಮುಂಡಿ ಬೆಟ್ಟಕ್ಕೆ ಪ್ರವೇಶಿಸುವವರ ತಪಾಸಣೆ ನಡೆಸುತ್ತಿದೆ. ದಸರಾ ಹಿನ್ನೆಲೆ ಎಎಸ್ಪಿ ಸಂಚಾರ ಭದ್ರತೆ ಕಾರಣ ವ್ಯಕ್ತಿಗಳನ್ನು ಬಿಡುತ್ತಿಲ್ಲ. ಓರ್ವ ಡಿಸಿಪಿ, ಐವರು ಎಸಿಪಿ ಸಂಚಾರ ಸ್ಥಳದಲ್ಲಿ ನೇತೃತ್ವ ನೀಡಲಿದ್ದಾರೆ. ಕೆ.ಎಸ್.ಆರ್.ಪಿ ಹಾಗೂ ಡಿ.ಆರ್ ಪೊಲೀಸರ ನಿಯೋಜನೆ ಮಾಡಲಾಗಿದೆ. ಮಂಡ್ಯ, ಚಾಮರಾಜನಗರ ಸೇರಿದಂತೆ ಸುತ್ತಮುತ್ತಲ
ಜಿಲ್ಲೆಗಳಿಂದಲೂ ಪೊಲೀಸರನ್ನು ಕರೆಸಿ ನಿಯೋಜನೆ ಮಾಡಲಾಗಿದೆ. ಹಬ್ಬದ ಸಮಯದಲ್ಲಿ ಎಲ್ಲಾ ಪಾರಂಪರಿಕ ಕಟ್ಟಡಗಳ ಬಾಲ್ಕನಿಗಳು ಮತ್ತು ಮೇಲ್ಛಾವಣಿಗಳಿಗೆ ಸಾರ್ವಜನಿಕ ಪ್ರವೇಶವನ್ನು ನಿರ್ಬಂಧಿಸುವ ಅಧಿಸೂಚನೆಯನ್ನು ಹೊರಡಿಸಲಾಗಿದೆ. ಮೆರವಣಿಗೆಯನ್ನು ವೀಕ್ಷಿಸಲು ಯಾವುದೇ ಕಟ್ಟಡದ ಮೇಲೆ ಹತ್ತಲು ಅವಕಾಶ ನೀಡಲಾಗುವುದಿಲ್ಲ ಎಂದು ಸೀಮಾ ಲಾಟ್ಕರ್ ಅವರು ತಿಳಿಸಿದ್ದಾರೆ.
